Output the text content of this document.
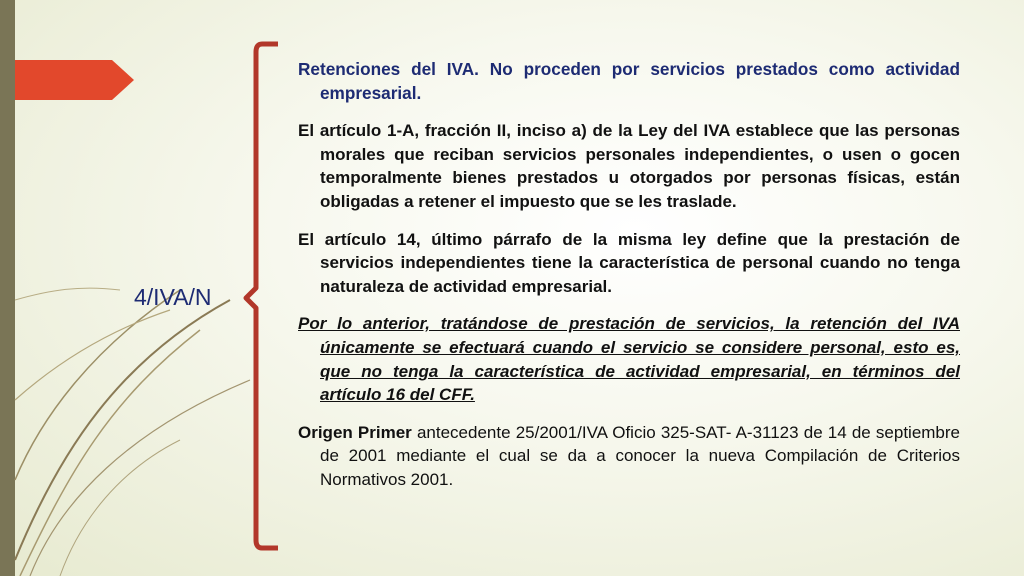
4/IVA/N

Retenciones del IVA. No proceden por servicios prestados como actividad empresarial.

El artículo 1-A, fracción II, inciso a) de la Ley del IVA establece que las personas morales que reciban servicios personales independientes, o usen o gocen temporalmente bienes prestados u otorgados por personas físicas, están obligadas a retener el impuesto que se les traslade.

El artículo 14, último párrafo de la misma ley define que la prestación de servicios independientes tiene la característica de personal cuando no tenga naturaleza de actividad empresarial.

Por lo anterior, tratándose de prestación de servicios, la retención del IVA únicamente se efectuará cuando el servicio se considere personal, esto es, que no tenga la característica de actividad empresarial, en términos del artículo 16 del CFF.

Origen Primer antecedente 25/2001/IVA Oficio 325-SAT- A-31123 de 14 de septiembre de 2001 mediante el cual se da a conocer la nueva Compilación de Criterios Normativos 2001.
